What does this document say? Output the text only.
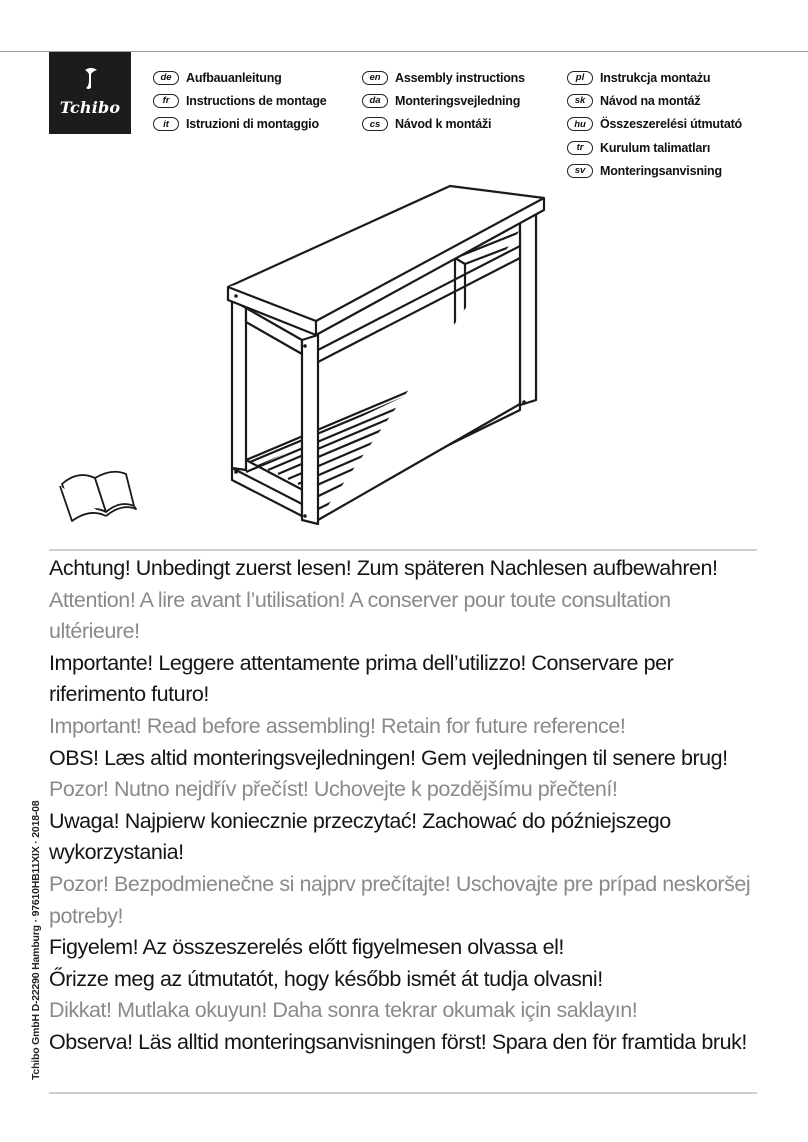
Tchibo
de	Aufbauanleitung
fr	Instructions de montage
it	Istruzioni di montaggio
en	Assembly instructions
da	Monteringsvejledning
cs	Návod k montáži
pl	Instrukcja montażu
sk	Návod na montáž
hu	Összeszerelési útmutató
tr	Kurulum talimatları
sv	Monteringsanvisning
Achtung! Unbedingt zuerst lesen! Zum späteren Nachlesen aufbewahren!
Attention! A lire avant l’utilisation! A conserver pour toute consultation ultérieure!
Importante! Leggere attentamente prima dell’utilizzo! Conservare per riferimento futuro!
Important! Read before assembling! Retain for future reference!
OBS! Læs altid monteringsvejledningen! Gem vejledningen til senere brug!
Pozor! Nutno nejdřív přečíst! Uchovejte k pozdějšímu přečtení!
Uwaga! Najpierw koniecznie przeczytać! Zachować do późniejszego wykorzystania!
Pozor! Bezpodmienečne si najprv prečítajte! Uschovajte pre prípad neskoršej potreby!
Figyelem! Az összeszerelés előtt figyelmesen olvassa el!
Őrizze meg az útmutatót, hogy később ismét át tudja olvasni!
Dikkat! Mutlaka okuyun! Daha sonra tekrar okumak için saklayın!
Observa! Läs alltid monteringsanvisningen först! Spara den för framtida bruk!
Tchibo GmbH D-22290 Hamburg · 97610HB11XIX · 2018-08
